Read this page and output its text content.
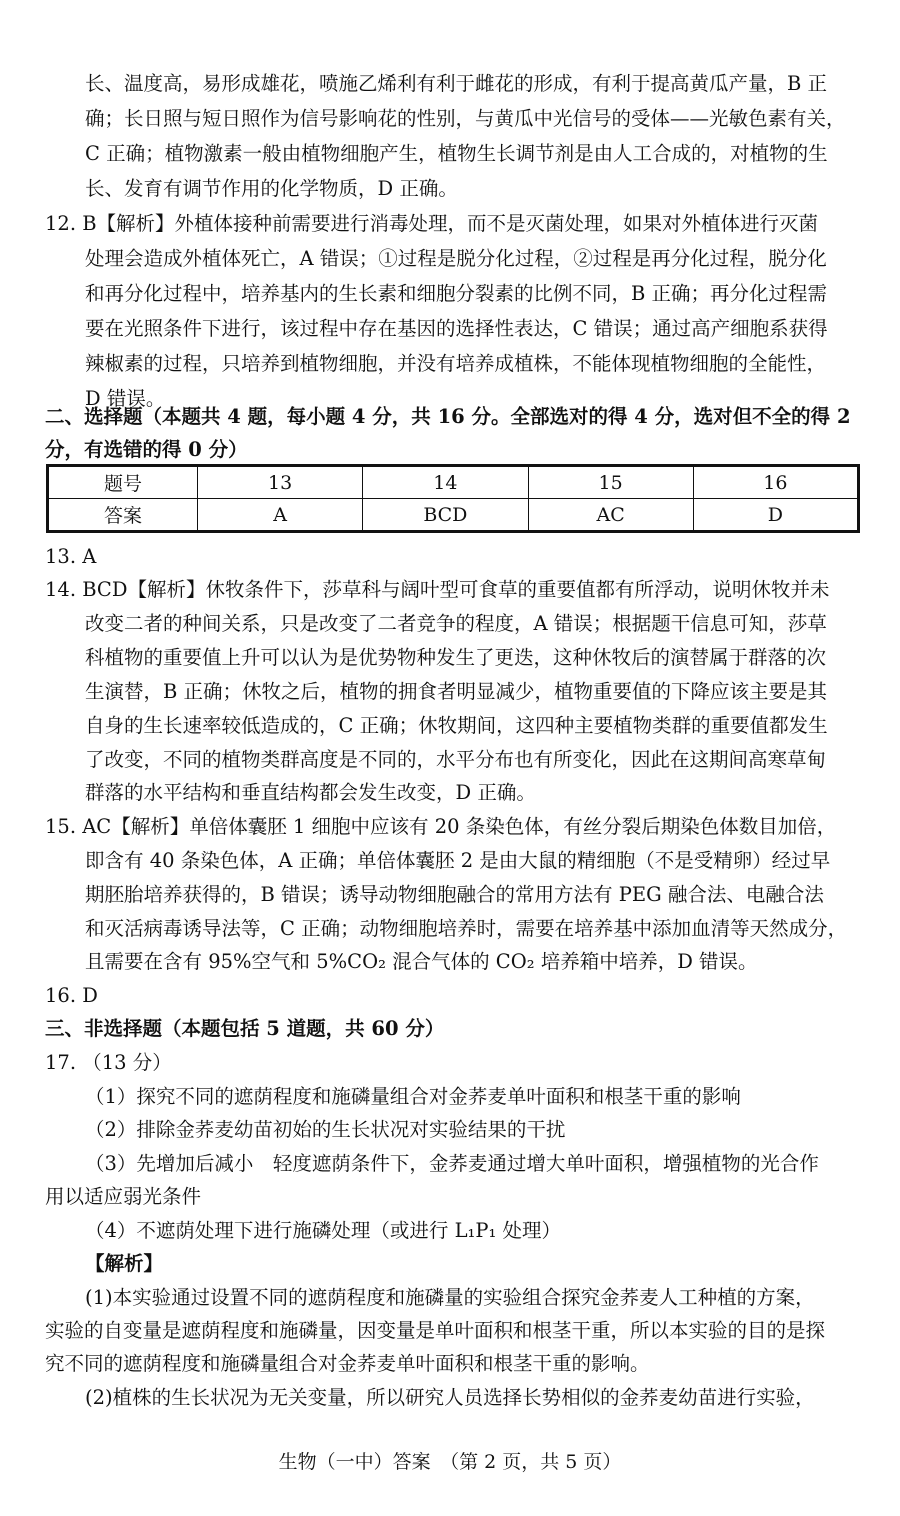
长、温度高，易形成雄花，喷施乙烯利有利于雌花的形成，有利于提高黄瓜产量，B 正
确；长日照与短日照作为信号影响花的性别，与黄瓜中光信号的受体——光敏色素有关，
C 正确；植物激素一般由植物细胞产生，植物生长调节剂是由人工合成的，对植物的生
长、发育有调节作用的化学物质，D 正确。
12. B【解析】外植体接种前需要进行消毒处理，而不是灭菌处理，如果对外植体进行灭菌
处理会造成外植体死亡，A 错误；①过程是脱分化过程，②过程是再分化过程，脱分化
和再分化过程中，培养基内的生长素和细胞分裂素的比例不同，B 正确；再分化过程需
要在光照条件下进行，该过程中存在基因的选择性表达，C 错误；通过高产细胞系获得
辣椒素的过程，只培养到植物细胞，并没有培养成植株，不能体现植物细胞的全能性，
D 错误。
二、选择题（本题共 4 题，每小题 4 分，共 16 分。全部选对的得 4 分，选对但不全的得 2
分，有选错的得 0 分）
题号	13	14	15	16
答案	A	BCD	AC	D
13. A
14. BCD【解析】休牧条件下，莎草科与阔叶型可食草的重要值都有所浮动，说明休牧并未
改变二者的种间关系，只是改变了二者竞争的程度，A 错误；根据题干信息可知，莎草
科植物的重要值上升可以认为是优势物种发生了更迭，这种休牧后的演替属于群落的次
生演替，B 正确；休牧之后，植物的拥食者明显减少，植物重要值的下降应该主要是其
自身的生长速率较低造成的，C 正确；休牧期间，这四种主要植物类群的重要值都发生
了改变，不同的植物类群高度是不同的，水平分布也有所变化，因此在这期间高寒草甸
群落的水平结构和垂直结构都会发生改变，D 正确。
15. AC【解析】单倍体囊胚 1 细胞中应该有 20 条染色体，有丝分裂后期染色体数目加倍，
即含有 40 条染色体，A 正确；单倍体囊胚 2 是由大鼠的精细胞（不是受精卵）经过早
期胚胎培养获得的，B 错误；诱导动物细胞融合的常用方法有 PEG 融合法、电融合法
和灭活病毒诱导法等，C 正确；动物细胞培养时，需要在培养基中添加血清等天然成分，
且需要在含有 95%空气和 5%CO₂ 混合气体的 CO₂ 培养箱中培养，D 错误。
16. D
三、非选择题（本题包括 5 道题，共 60 分）
17. （13 分）
（1）探究不同的遮荫程度和施磷量组合对金荞麦单叶面积和根茎干重的影响
（2）排除金荞麦幼苗初始的生长状况对实验结果的干扰
（3）先增加后减小　轻度遮荫条件下，金荞麦通过增大单叶面积，增强植物的光合作
用以适应弱光条件
（4）不遮荫处理下进行施磷处理（或进行 L₁P₁ 处理）
【解析】
(1)本实验通过设置不同的遮荫程度和施磷量的实验组合探究金荞麦人工种植的方案，
实验的自变量是遮荫程度和施磷量，因变量是单叶面积和根茎干重，所以本实验的目的是探
究不同的遮荫程度和施磷量组合对金荞麦单叶面积和根茎干重的影响。
(2)植株的生长状况为无关变量，所以研究人员选择长势相似的金荞麦幼苗进行实验，
生物（一中）答案　（第 2 页，共 5 页）
